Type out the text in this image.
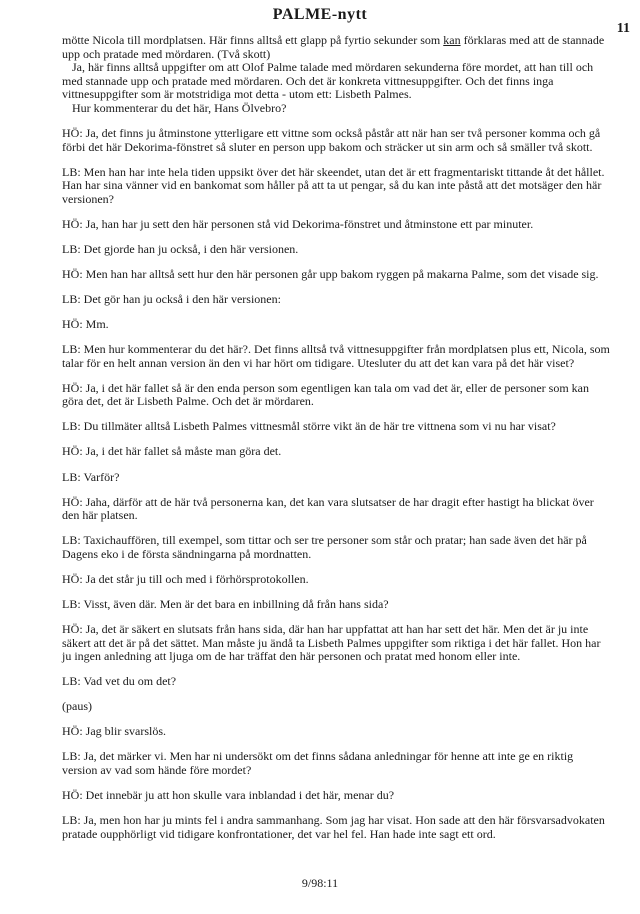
PALME-nytt
11

mötte Nicola till mordplatsen. Här finns alltså ett glapp på fyrtio sekunder som kan förklaras med att de stannade upp och pratade med mördaren. (Två skott)

Ja, här finns alltså uppgifter om att Olof Palme talade med mördaren sekunderna före mordet, att han till och med stannade upp och pratade med mördaren. Och det är konkreta vittnesuppgifter. Och det finns inga vittnesuppgifter som är motstridiga mot detta - utom ett: Lisbeth Palmes.

Hur kommenterar du det här, Hans Ölvebro?

HÖ: Ja, det finns ju åtminstone ytterligare ett vittne som också påstår att när han ser två personer komma och gå förbi det här Dekorima-fönstret så sluter en person upp bakom och sträcker ut sin arm och så smäller två skott.

LB: Men han har inte hela tiden uppsikt över det här skeendet, utan det är ett fragmentariskt tittande åt det hållet. Han har sina vänner vid en bankomat som håller på att ta ut pengar, så du kan inte påstå att det motsäger den här versionen?

HÖ: Ja, han har ju sett den här personen stå vid Dekorima-fönstret und åtminstone ett par minuter.

LB: Det gjorde han ju också, i den här versionen.

HÖ: Men han har alltså sett hur den här personen går upp bakom ryggen på makarna Palme, som det visade sig.

LB: Det gör han ju också i den här versionen:

HÖ: Mm.

LB: Men hur kommenterar du det här?. Det finns alltså två vittnesuppgifter från mordplatsen plus ett, Nicola, som talar för en helt annan version än den vi har hört om tidigare. Utesluter du att det kan vara på det här viset?

HÖ: Ja, i det här fallet så är den enda person som egentligen kan tala om vad det är, eller de personer som kan göra det, det är Lisbeth Palme. Och det är mördaren.

LB: Du tillmäter alltså Lisbeth Palmes vittnesmål större vikt än de här tre vittnena som vi nu har visat?

HÖ: Ja, i det här fallet så måste man göra det.

LB: Varför?

HÖ: Jaha, därför att de här två personerna kan, det kan vara slutsatser de har dragit efter hastigt ha blickat över den här platsen.

LB: Taxichauffören, till exempel, som tittar och ser tre personer som står och pratar; han sade även det här på Dagens eko i de första sändningarna på mordnatten.

HÖ: Ja det står ju till och med i förhörsprotokollen.

LB: Visst, även där. Men är det bara en inbillning då från hans sida?

HÖ: Ja, det är säkert en slutsats från hans sida, där han har uppfattat att han har sett det här. Men det är ju inte säkert att det är på det sättet. Man måste ju ändå ta Lisbeth Palmes uppgifter som riktiga i det här fallet. Hon har ju ingen anledning att ljuga om de har träffat den här personen och pratat med honom eller inte.

LB: Vad vet du om det?

(paus)

HÖ: Jag blir svarslös.

LB: Ja, det märker vi. Men har ni undersökt om det finns sådana anledningar för henne att inte ge en riktig version av vad som hände före mordet?

HÖ: Det innebär ju att hon skulle vara inblandad i det här, menar du?

LB: Ja, men hon har ju mints fel i andra sammanhang. Som jag har visat. Hon sade att den här försvarsadvokaten pratade oupphörligt vid tidigare konfrontationer, det var hel fel. Han hade inte sagt ett ord.

9/98:11
